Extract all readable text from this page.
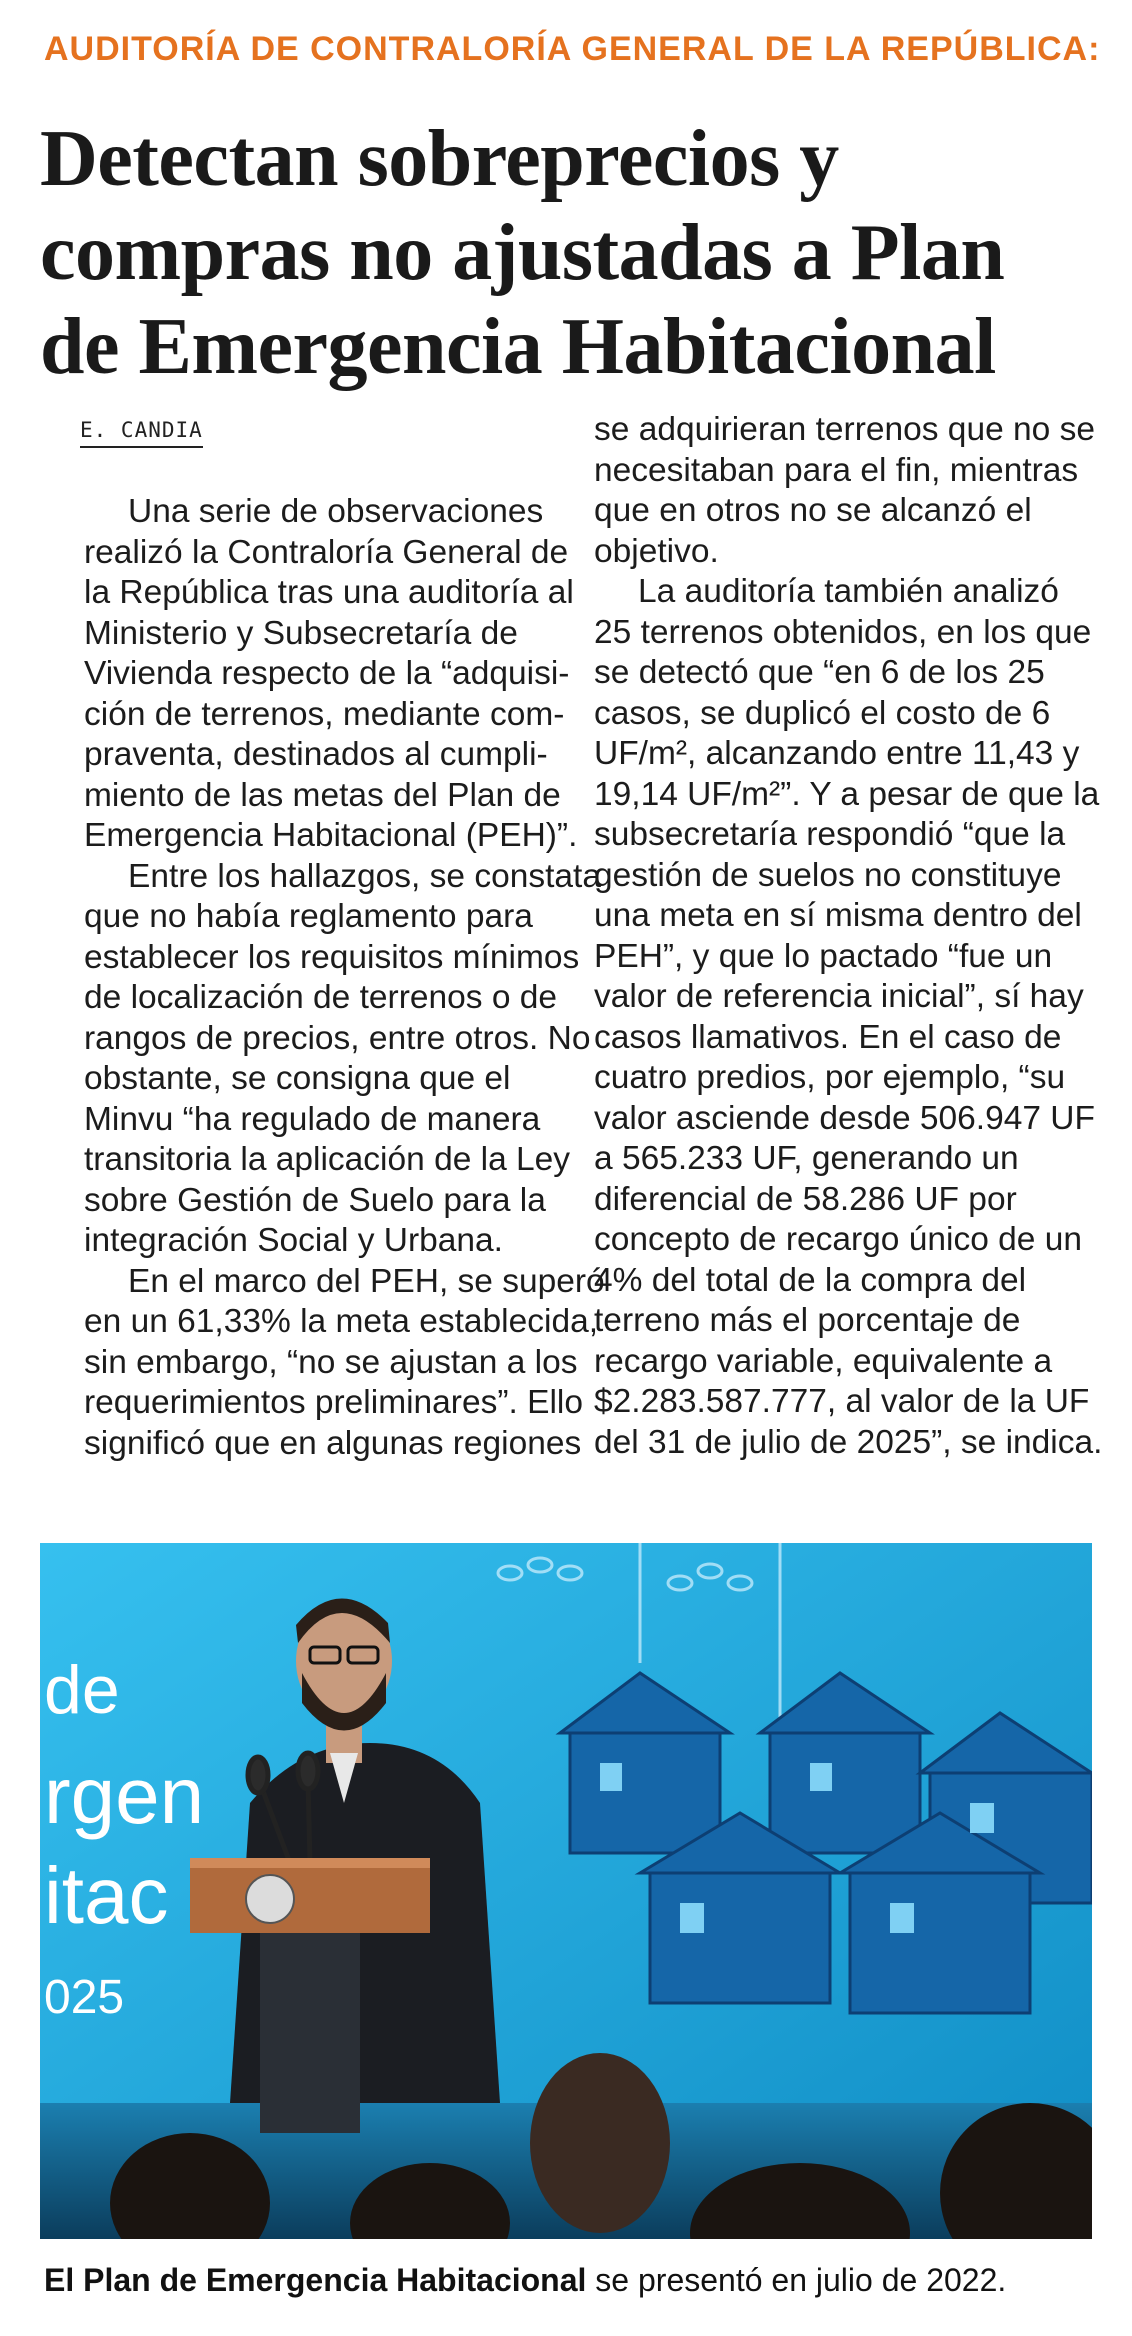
AUDITORÍA DE CONTRALORÍA GENERAL DE LA REPÚBLICA:
Detectan sobreprecios y
compras no ajustadas a Plan
de Emergencia Habitacional
E. CANDIA
Una serie de observaciones
realizó la Contraloría General de
la República tras una auditoría al
Ministerio y Subsecretaría de
Vivienda respecto de la “adquisi-
ción de terrenos, mediante com-
praventa, destinados al cumpli-
miento de las metas del Plan de
Emergencia Habitacional (PEH)”.
Entre los hallazgos, se constata
que no había reglamento para
establecer los requisitos mínimos
de localización de terrenos o de
rangos de precios, entre otros. No
obstante, se consigna que el
Minvu “ha regulado de manera
transitoria la aplicación de la Ley
sobre Gestión de Suelo para la
integración Social y Urbana.
En el marco del PEH, se superó
en un 61,33% la meta establecida,
sin embargo, “no se ajustan a los
requerimientos preliminares”. Ello
significó que en algunas regiones
se adquirieran terrenos que no se
necesitaban para el fin, mientras
que en otros no se alcanzó el
objetivo.
La auditoría también analizó
25 terrenos obtenidos, en los que
se detectó que “en 6 de los 25
casos, se duplicó el costo de 6
UF/m², alcanzando entre 11,43 y
19,14 UF/m²”. Y a pesar de que la
subsecretaría respondió “que la
gestión de suelos no constituye
una meta en sí misma dentro del
PEH”, y que lo pactado “fue un
valor de referencia inicial”, sí hay
casos llamativos. En el caso de
cuatro predios, por ejemplo, “su
valor asciende desde 506.947 UF
a 565.233 UF, generando un
diferencial de 58.286 UF por
concepto de recargo único de un
4% del total de la compra del
terreno más el porcentaje de
recargo variable, equivalente a
$2.283.587.777, al valor de la UF
del 31 de julio de 2025”, se indica.
de
rgen
itac
025
El Plan de Emergencia Habitacional se presentó en julio de 2022.
